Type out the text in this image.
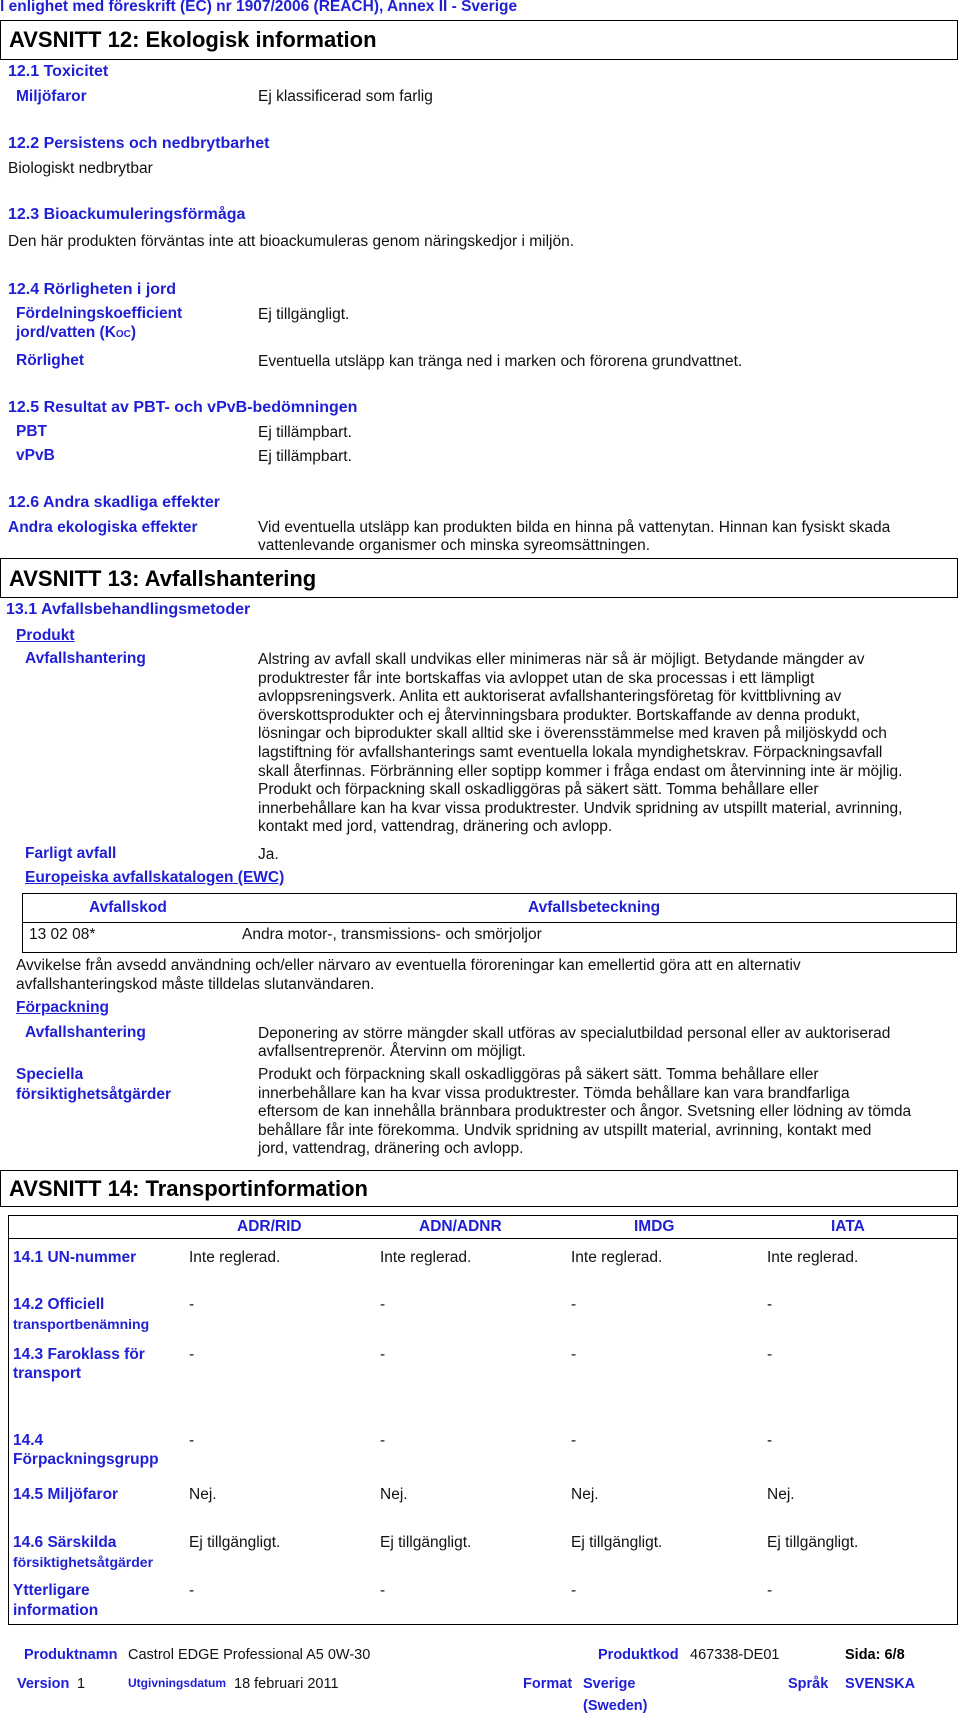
l enlighet med föreskrift (EC) nr 1907/2006 (REACH), Annex II - Sverige
AVSNITT 12: Ekologisk information
12.1 Toxicitet
Miljöfaror	Ej klassificerad som farlig
12.2 Persistens och nedbrytbarhet
Biologiskt nedbrytbar
12.3 Bioackumuleringsförmåga
Den här produkten förväntas inte att bioackumuleras genom näringskedjor i miljön.
12.4 Rörligheten i jord
Fördelningskoefficient
jord/vatten (KOC)
Ej tillgängligt.
Rörlighet	Eventuella utsläpp kan tränga ned i marken och förorena grundvattnet.
12.5 Resultat av PBT- och vPvB-bedömningen
PBT	Ej tillämpbart.
vPvB	Ej tillämpbart.
12.6 Andra skadliga effekter
Andra ekologiska effekter	Vid eventuella utsläpp kan produkten bilda en hinna på vattenytan. Hinnan kan fysiskt skada
vattenlevande organismer och minska syreomsättningen.
AVSNITT 13: Avfallshantering
13.1 Avfallsbehandlingsmetoder
Produkt
Avfallshantering	Alstring av avfall skall undvikas eller minimeras när så är möjligt. Betydande mängder av
produktrester får inte bortskaffas via avloppet utan de ska processas i ett lämpligt
avloppsreningsverk. Anlita ett auktoriserat avfallshanteringsföretag för kvittblivning av
överskottsprodukter och ej återvinningsbara produkter. Bortskaffande av denna produkt,
lösningar och biprodukter skall alltid ske i överensstämmelse med kraven på miljöskydd och
lagstiftning för avfallshanterings samt eventuella lokala myndighetskrav. Förpackningsavfall
skall återfinnas. Förbränning eller soptipp kommer i fråga endast om återvinning inte är möjlig.
Produkt och förpackning skall oskadliggöras på säkert sätt. Tomma behållare eller
innerbehållare kan ha kvar vissa produktrester. Undvik spridning av utspillt material, avrinning,
kontakt med jord, vattendrag, dränering och avlopp.
Farligt avfall	Ja.
Europeiska avfallskatalogen (EWC)
Avfallskod	Avfallsbeteckning
13 02 08*	Andra motor-, transmissions- och smörjoljor
Avvikelse från avsedd användning och/eller närvaro av eventuella föroreningar kan emellertid göra att en alternativ
avfallshanteringskod måste tilldelas slutanvändaren.
Förpackning
Avfallshantering	Deponering av större mängder skall utföras av specialutbildad personal eller av auktoriserad
avfallsentreprenör. Återvinn om möjligt.
Speciella
försiktighetsåtgärder
Produkt och förpackning skall oskadliggöras på säkert sätt. Tomma behållare eller
innerbehållare kan ha kvar vissa produktrester. Tömda behållare kan vara brandfarliga
eftersom de kan innehålla brännbara produktrester och ångor. Svetsning eller lödning av tömda
behållare får inte förekomma. Undvik spridning av utspillt material, avrinning, kontakt med
jord, vattendrag, dränering och avlopp.
AVSNITT 14: Transportinformation
ADR/RID	ADN/ADNR	IMDG	IATA
14.1 UN-nummer	Inte reglerad.	Inte reglerad.	Inte reglerad.	Inte reglerad.
14.2 Officiell
transportbenämning
-	-	-	-
14.3 Faroklass för
transport
-	-	-	-
14.4
Förpackningsgrupp
-	-	-	-
14.5 Miljöfaror	Nej.	Nej.	Nej.	Nej.
14.6 Särskilda
försiktighetsåtgärder
Ej tillgängligt.	Ej tillgängligt.	Ej tillgängligt.	Ej tillgängligt.
Ytterligare
information
-	-	-	-
Produktnamn Castrol EDGE Professional A5 0W-30	Produktkod 467338-DE01	Sida: 6/8
Version 1	Utgivningsdatum 18 februari 2011	Format Sverige
(Sweden)
Språk SVENSKA
